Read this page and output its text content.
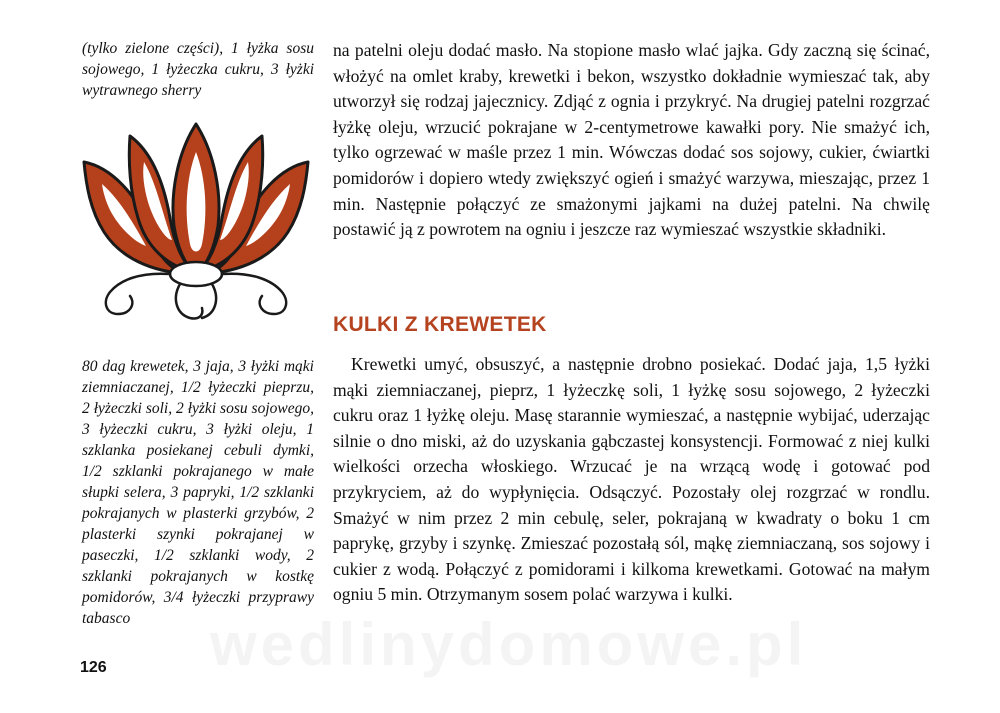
(tylko zielone części), 1 łyżka sosu sojowego, 1 łyżeczka cukru, 3 łyżki wytrawnego sherry
80 dag krewetek, 3 jaja, 3 łyżki mąki ziemniaczanej, 1/2 łyżeczki pieprzu, 2 łyżeczki soli, 2 łyżki sosu sojowego, 3 łyżeczki cukru, 3 łyżki oleju, 1 szklanka posiekanej cebuli dymki, 1/2 szklanki pokrajanego w małe słupki selera, 3 papryki, 1/2 szklanki pokrajanych w plasterki grzybów, 2 plasterki szynki pokrajanej w paseczki, 1/2 szklanki wody, 2 szklanki pokrajanych w kostkę pomidorów, 3/4 łyżeczki przyprawy tabasco
na patelni oleju dodać masło. Na stopione masło wlać jajka. Gdy zaczną się ścinać, włożyć na omlet kraby, krewetki i bekon, wszystko dokładnie wymieszać tak, aby utworzył się rodzaj jajecznicy. Zdjąć z ognia i przykryć. Na drugiej patelni rozgrzać łyżkę oleju, wrzucić pokrajane w 2-centymetrowe kawałki pory. Nie smażyć ich, tylko ogrzewać w maśle przez 1 min. Wówczas dodać sos sojowy, cukier, ćwiartki pomidorów i dopiero wtedy zwiększyć ogień i smażyć warzywa, mieszając, przez 1 min. Następnie połączyć ze smażonymi jajkami na dużej patelni. Na chwilę postawić ją z powrotem na ogniu i jeszcze raz wymieszać wszystkie składniki.
KULKI Z KREWETEK
Krewetki umyć, obsuszyć, a następnie drobno posiekać. Dodać jaja, 1,5 łyżki mąki ziemniaczanej, pieprz, 1 łyżeczkę soli, 1 łyżkę sosu sojowego, 2 łyżeczki cukru oraz 1 łyżkę oleju. Masę starannie wymieszać, a następnie wybijać, uderzając silnie o dno miski, aż do uzyskania gąbczastej konsystencji. Formować z niej kulki wielkości orzecha włoskiego. Wrzucać je na wrzącą wodę i gotować pod przykryciem, aż do wypłynięcia. Odsączyć. Pozostały olej rozgrzać w rondlu. Smażyć w nim przez 2 min cebulę, seler, pokrajaną w kwadraty o boku 1 cm paprykę, grzyby i szynkę. Zmieszać pozostałą sól, mąkę ziemniaczaną, sos sojowy i cukier z wodą. Połączyć z pomidorami i kilkoma krewetkami. Gotować na małym ogniu 5 min. Otrzymanym sosem polać warzywa i kulki.
126
